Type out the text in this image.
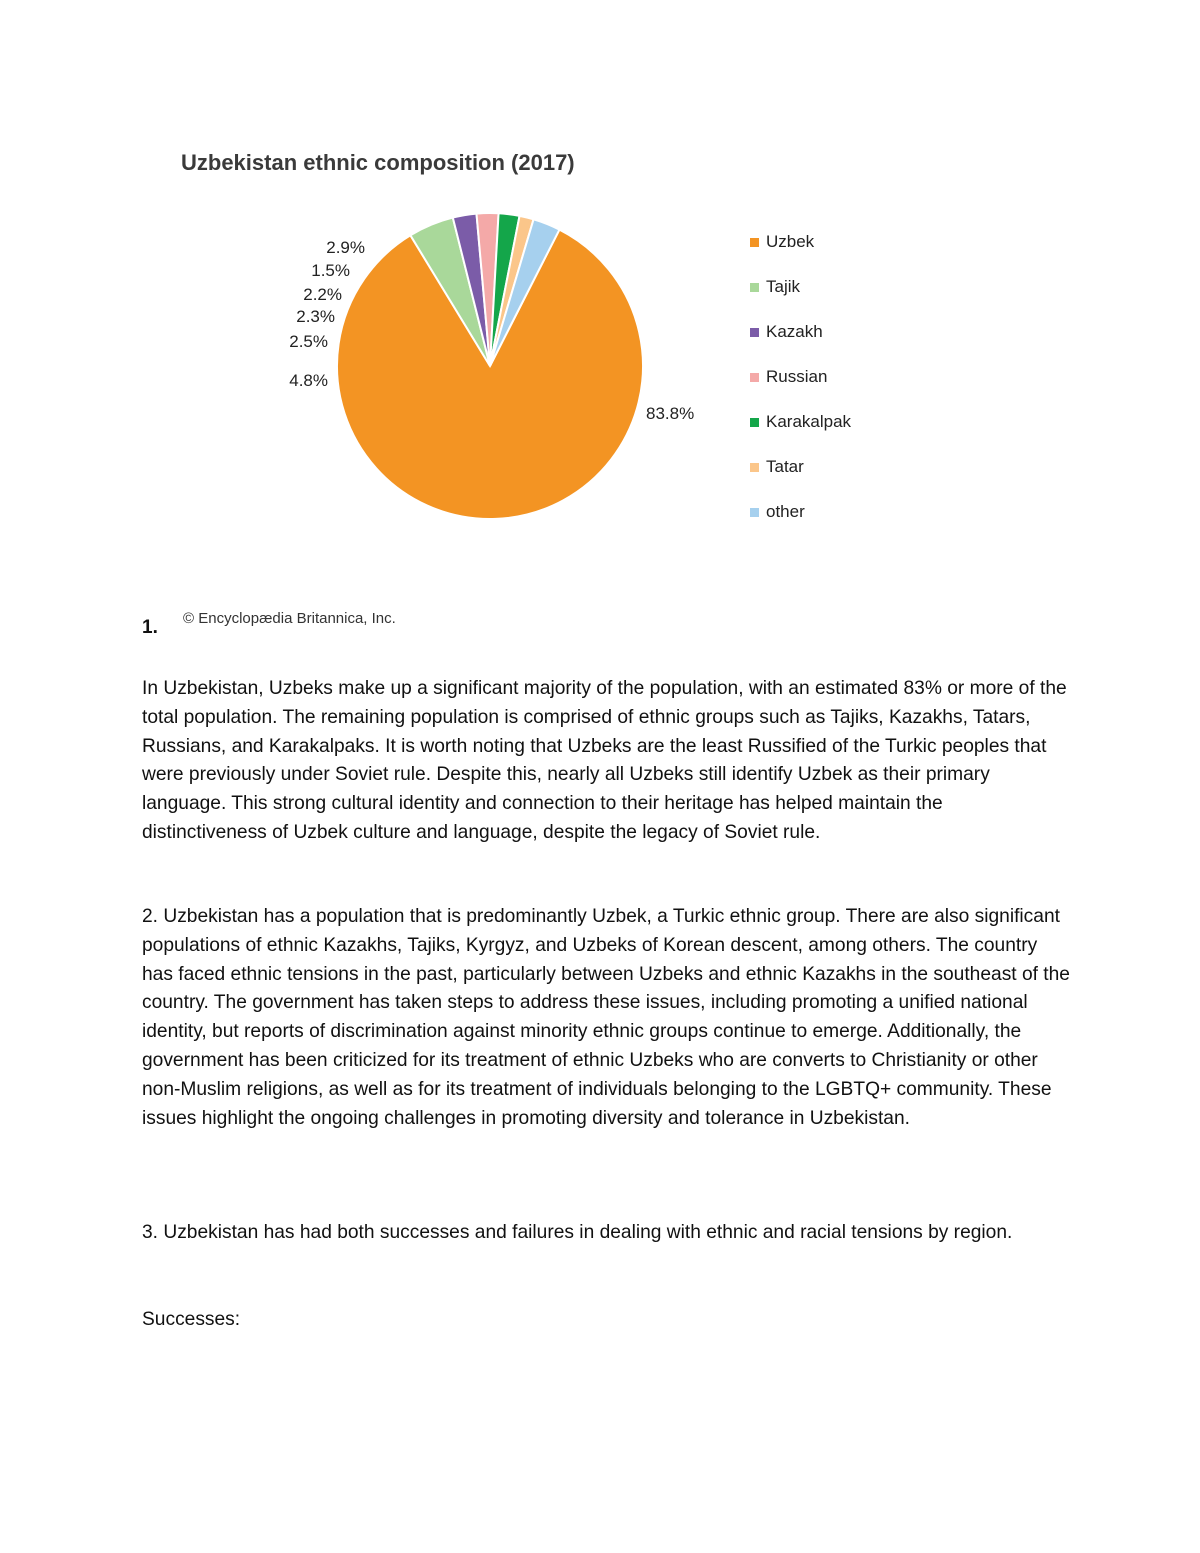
Uzbekistan ethnic composition (2017)
83.8%
4.8%
2.5%
2.3%
2.2%
1.5%
2.9%	Uzbek
Tajik
Kazakh
Russian
Karakalpak
Tatar
other
© Encyclopædia Britannica, Inc.
1.

In Uzbekistan, Uzbeks make up a significant majority of the population, with an estimated 83% or more of the total population. The remaining population is comprised of ethnic groups such as Tajiks, Kazakhs, Tatars, Russians, and Karakalpaks. It is worth noting that Uzbeks are the least Russified of the Turkic peoples that were previously under Soviet rule. Despite this, nearly all Uzbeks still identify Uzbek as their primary language. This strong cultural identity and connection to their heritage has helped maintain the distinctiveness of Uzbek culture and language, despite the legacy of Soviet rule.

2. Uzbekistan has a population that is predominantly Uzbek, a Turkic ethnic group. There are also significant populations of ethnic Kazakhs, Tajiks, Kyrgyz, and Uzbeks of Korean descent, among others. The country has faced ethnic tensions in the past, particularly between Uzbeks and ethnic Kazakhs in the southeast of the country. The government has taken steps to address these issues, including promoting a unified national identity, but reports of discrimination against minority ethnic groups continue to emerge. Additionally, the government has been criticized for its treatment of ethnic Uzbeks who are converts to Christianity or other non-Muslim religions, as well as for its treatment of individuals belonging to the LGBTQ+ community. These issues highlight the ongoing challenges in promoting diversity and tolerance in Uzbekistan.

3. Uzbekistan has had both successes and failures in dealing with ethnic and racial tensions by region.

Successes:
